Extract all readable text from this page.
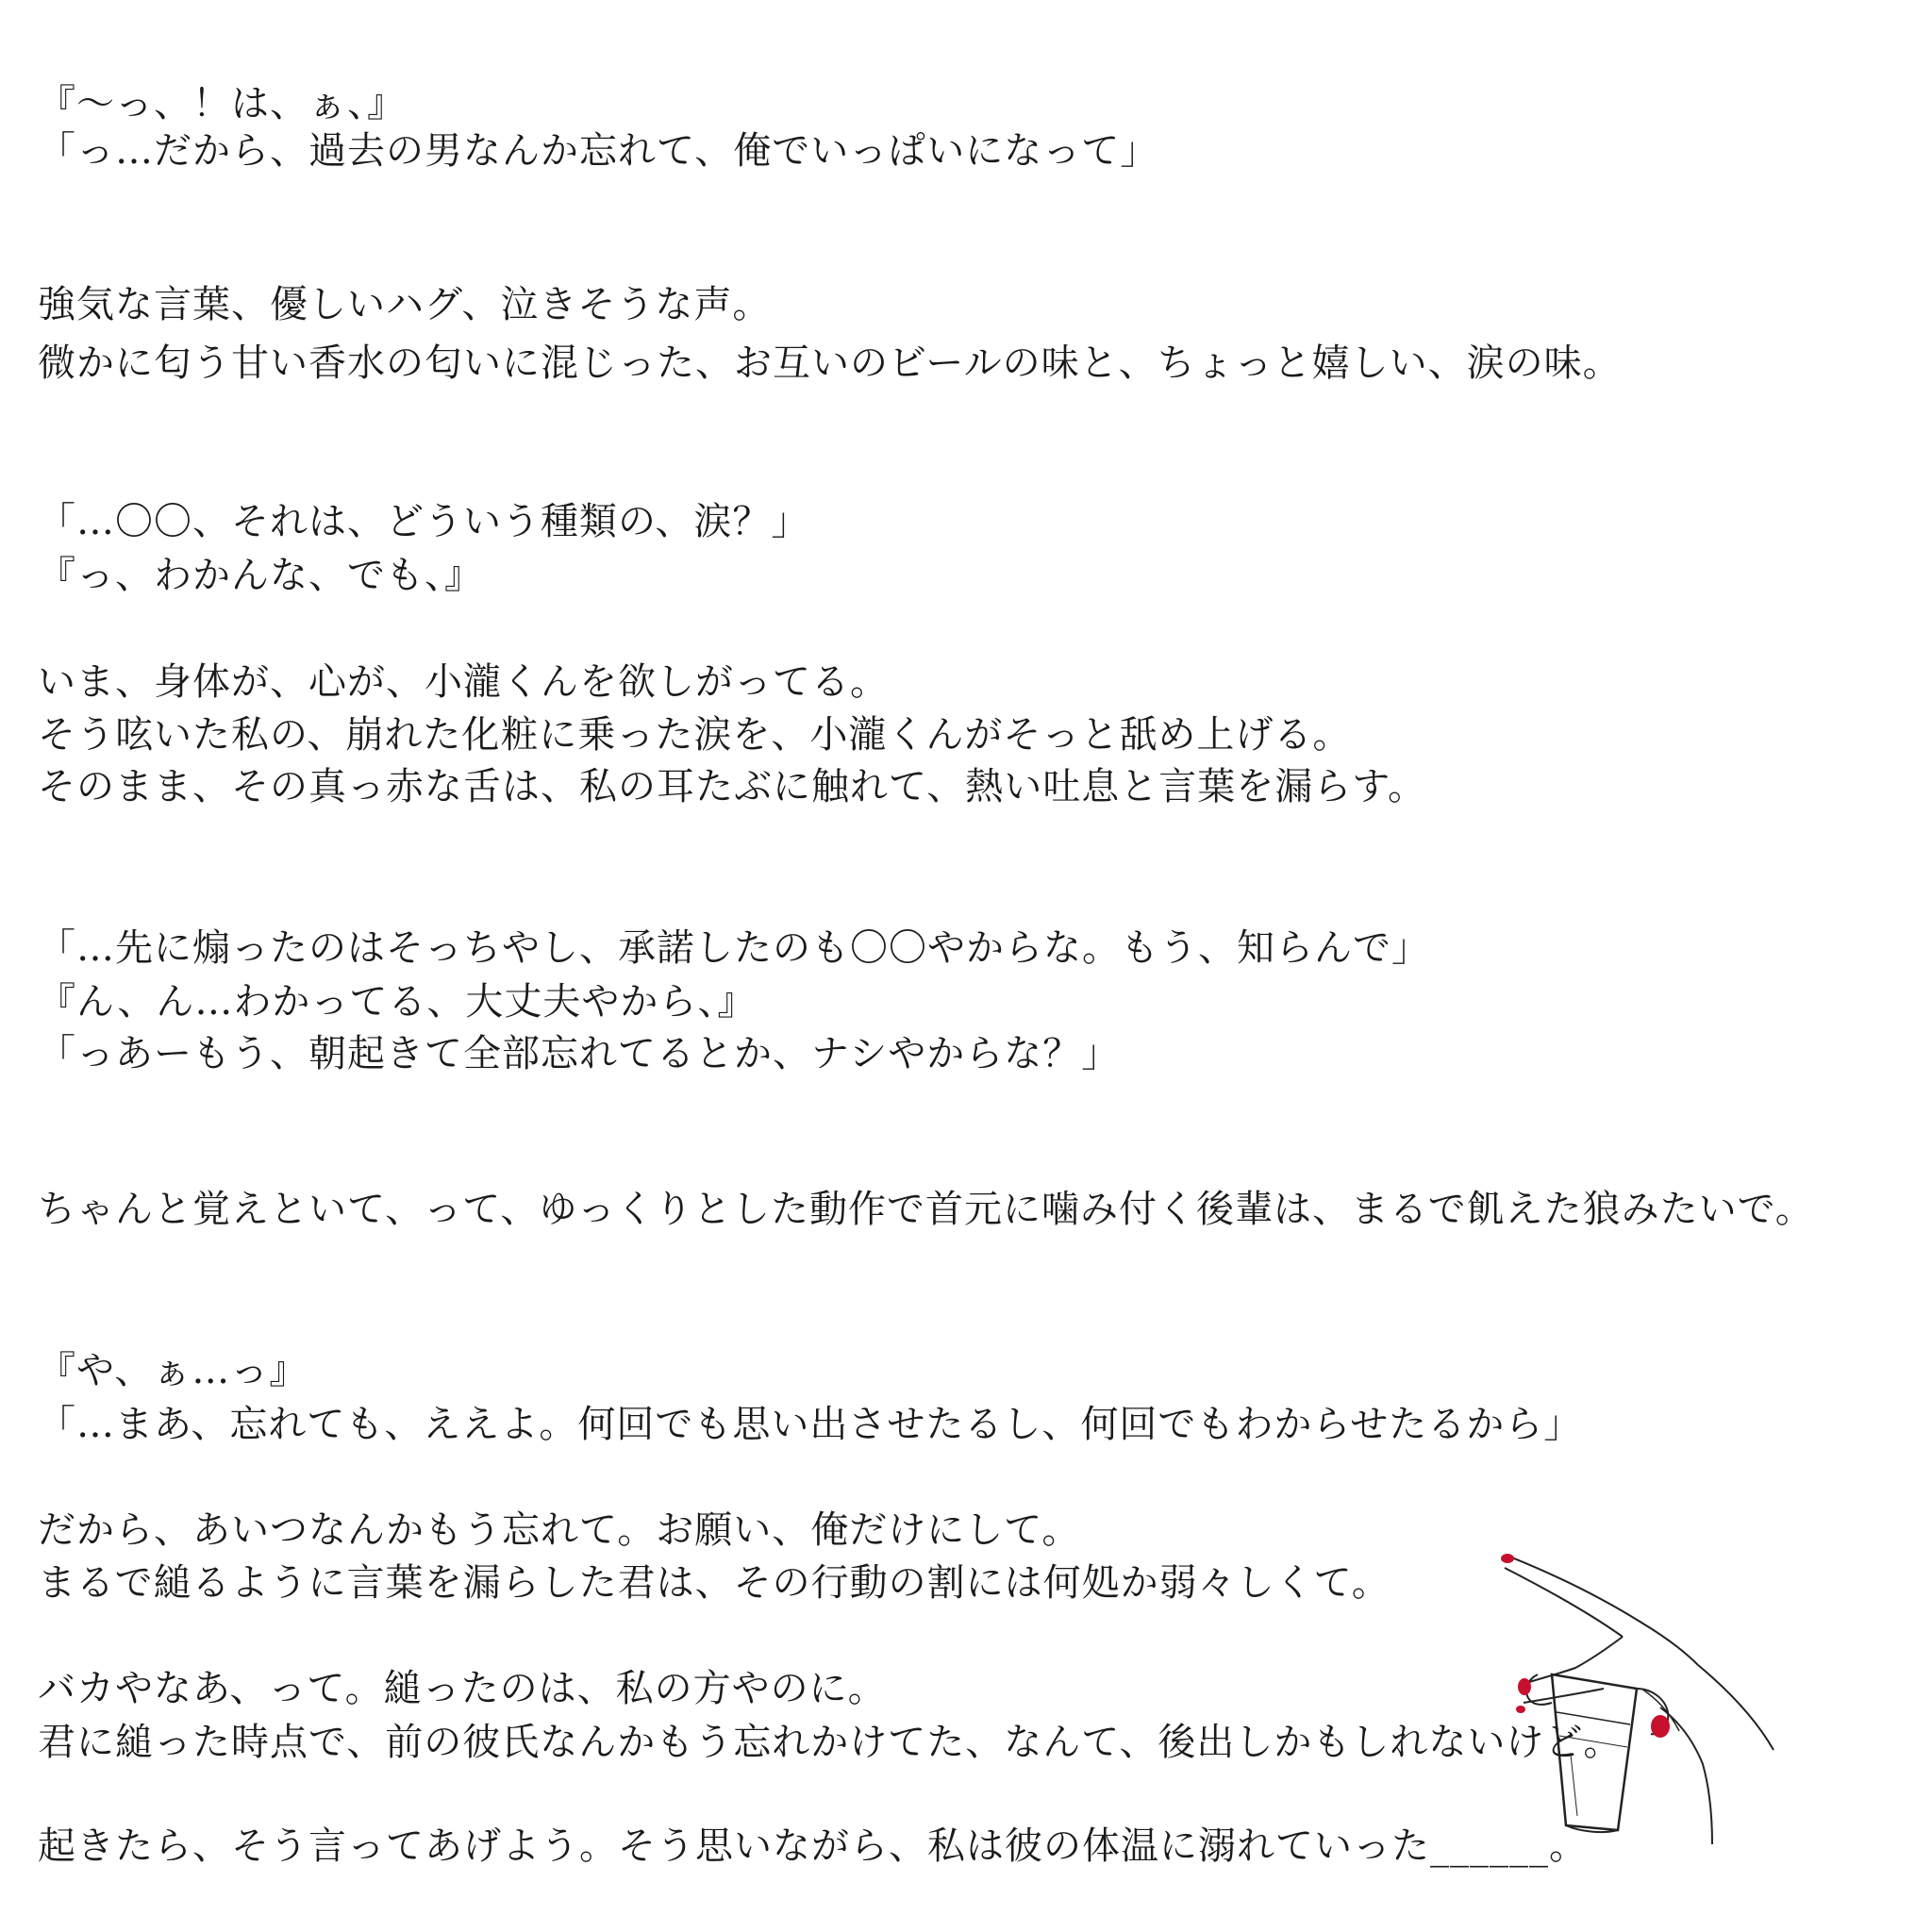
『〜っ、！は、ぁ、』
「っ…だから、過去の男なんか忘れて、俺でいっぱいになって」
強気な言葉、優しいハグ、泣きそうな声。
微かに匂う甘い香水の匂いに混じった、お互いのビールの味と、ちょっと嬉しい、涙の味。
「…〇〇、それは、どういう種類の、涙？」
『っ、わかんな、でも、』
いま、身体が、心が、小瀧くんを欲しがってる。
そう呟いた私の、崩れた化粧に乗った涙を、小瀧くんがそっと舐め上げる。
そのまま、その真っ赤な舌は、私の耳たぶに触れて、熱い吐息と言葉を漏らす。
「…先に煽ったのはそっちやし、承諾したのも〇〇やからな。もう、知らんで」
『ん、ん…わかってる、大丈夫やから、』
「っあーもう、朝起きて全部忘れてるとか、ナシやからな？」
ちゃんと覚えといて、って、ゆっくりとした動作で首元に噛み付く後輩は、まるで飢えた狼みたいで。
『や、ぁ…っ』
「…まあ、忘れても、ええよ。何回でも思い出させたるし、何回でもわからせたるから」
だから、あいつなんかもう忘れて。お願い、俺だけにして。
まるで縋るように言葉を漏らした君は、その行動の割には何処か弱々しくて。
バカやなあ、って。縋ったのは、私の方やのに。
君に縋った時点で、前の彼氏なんかもう忘れかけてた、なんて、後出しかもしれないけど。
起きたら、そう言ってあげよう。そう思いながら、私は彼の体温に溺れていった______。
